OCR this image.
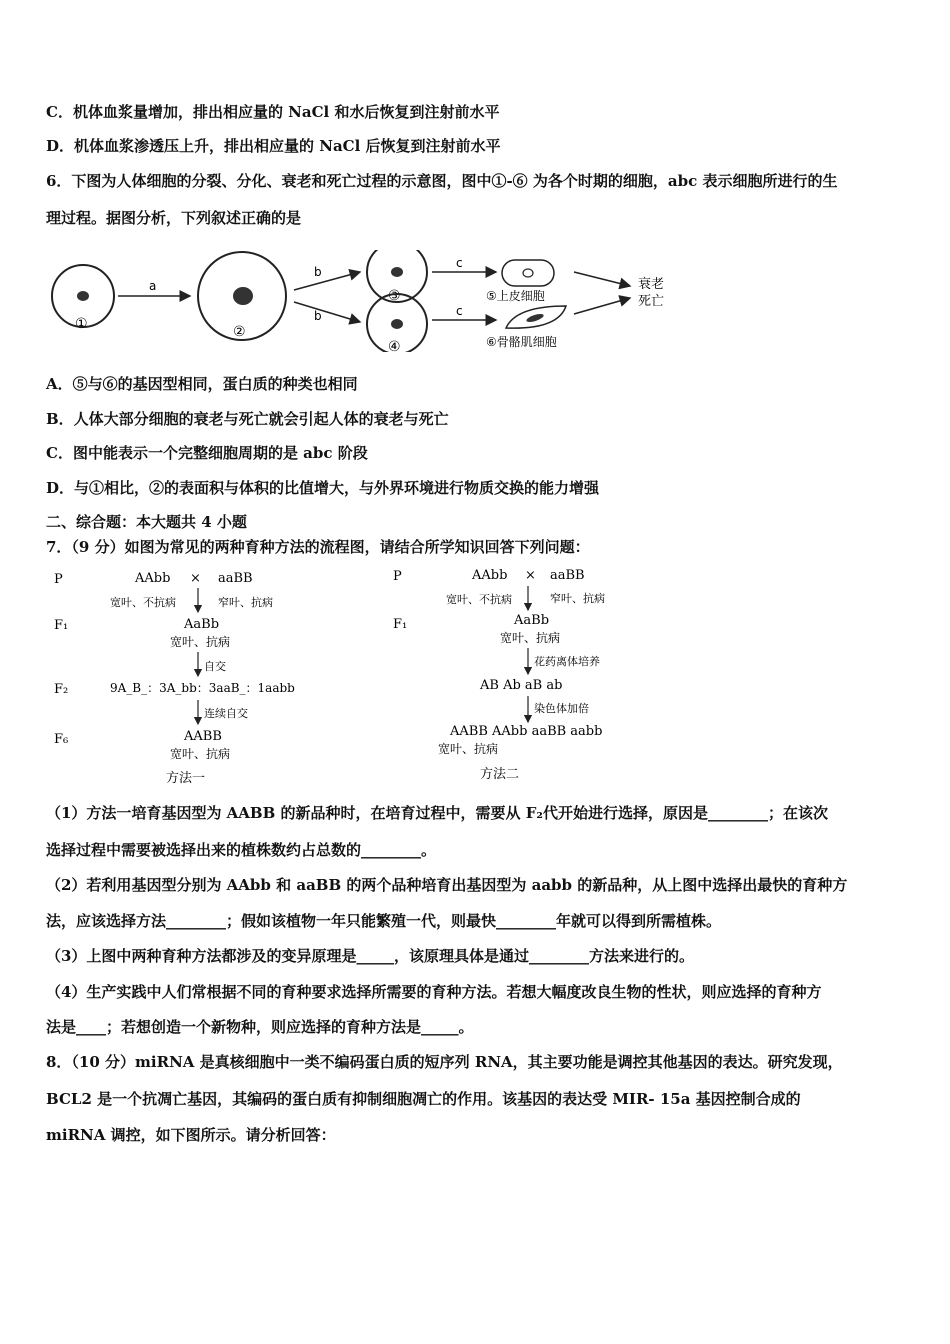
C．机体血浆量增加，排出相应量的 NaCl 和水后恢复到注射前水平
D．机体血浆渗透压上升，排出相应量的 NaCl 后恢复到注射前水平
6．下图为人体细胞的分裂、分化、衰老和死亡过程的示意图，图中①-⑥ 为各个时期的细胞，abc 表示细胞所进行的生
理过程。据图分析，下列叙述正确的是
①
a
②
b
b
③
④
c
c
⑤上皮细胞
⑥骨骼肌细胞
衰老
死亡
A．⑤与⑥的基因型相同，蛋白质的种类也相同
B．人体大部分细胞的衰老与死亡就会引起人体的衰老与死亡
C．图中能表示一个完整细胞周期的是 abc 阶段
D．与①相比，②的表面积与体积的比值增大，与外界环境进行物质交换的能力增强
二、综合题：本大题共 4 小题
7．（9 分）如图为常见的两种育种方法的流程图，请结合所学知识回答下列问题：
P	AAbb × aaBB
宽叶、不抗病	窄叶、抗病
F₁	AaBb
宽叶、抗病
自交
F₂	9A_B_：3A_bb：3aaB_：1aabb
连续自交
F₆	AABB
宽叶、抗病
方法一
P	AAbb × aaBB
宽叶、不抗病	窄叶、抗病
F₁	AaBb
宽叶、抗病
花药离体培养
AB Ab aB ab
染色体加倍
AABB AAbb aaBB aabb
宽叶、抗病
方法二
（1）方法一培育基因型为 AABB 的新品种时，在培育过程中，需要从 F₂代开始进行选择，原因是________；在该次
选择过程中需要被选择出来的植株数约占总数的________。
（2）若利用基因型分别为 AAbb 和 aaBB 的两个品种培育出基因型为 aabb 的新品种，从上图中选择出最快的育种方
法，应该选择方法________；假如该植物一年只能繁殖一代，则最快________年就可以得到所需植株。
（3）上图中两种育种方法都涉及的变异原理是_____，该原理具体是通过________方法来进行的。
（4）生产实践中人们常根据不同的育种要求选择所需要的育种方法。若想大幅度改良生物的性状，则应选择的育种方
法是____；若想创造一个新物种，则应选择的育种方法是_____。
8．（10 分）miRNA 是真核细胞中一类不编码蛋白质的短序列 RNA，其主要功能是调控其他基因的表达。研究发现，
BCL2 是一个抗凋亡基因，其编码的蛋白质有抑制细胞凋亡的作用。该基因的表达受 MIR- 15a 基因控制合成的
miRNA 调控，如下图所示。请分析回答：
